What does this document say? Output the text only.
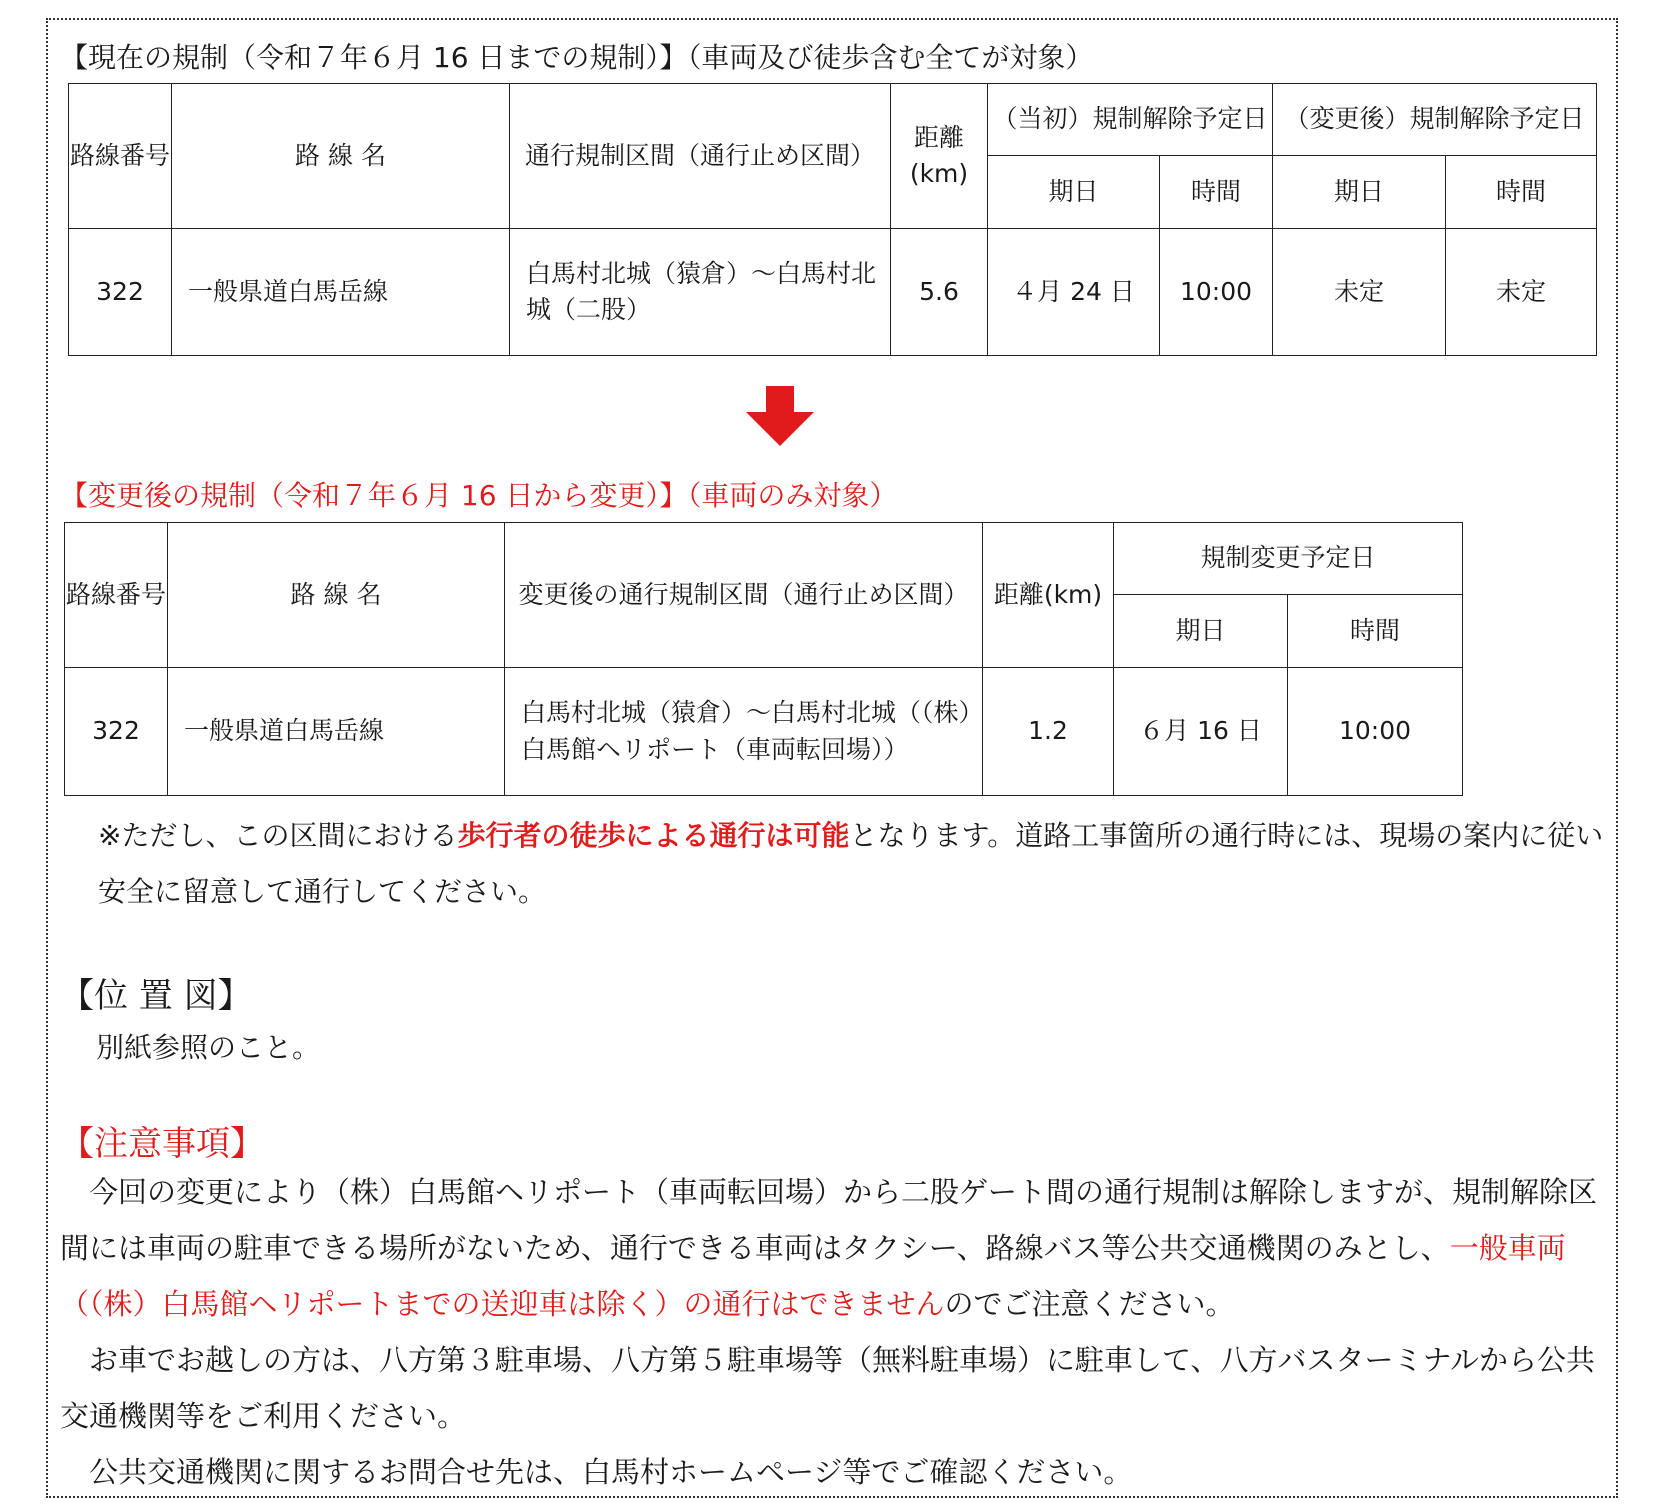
【現在の規制（令和７年６月 16 日までの規制）】（車両及び徒歩含む全てが対象）
路線番号	路 線 名	通行規制区間（通行止め区間）	距離(km)	（当初）規制解除予定日		（変更後）規制解除予定日	
				期日	時間	期日	時間
322	一般県道白馬岳線	白馬村北城（猿倉）～白馬村北城（二股）	5.6	４月 24 日	10:00	未定	未定
【変更後の規制（令和７年６月 16 日から変更）】（車両のみ対象）
路線番号	路 線 名	変更後の通行規制区間（通行止め区間）	距離(km)	規制変更予定日	
				期日	時間
322	一般県道白馬岳線	白馬村北城（猿倉）～白馬村北城（（株）白馬館ヘリポート（車両転回場））	1.2	６月 16 日	10:00
※ただし、この区間における歩行者の徒歩による通行は可能となります。道路工事箇所の通行時には、現場の案内に従い安全に留意して通行してください。
【位 置 図】
別紙参照のこと。
【注意事項】
　今回の変更により（株）白馬館ヘリポート（車両転回場）から二股ゲート間の通行規制は解除しますが、規制解除区間には車両の駐車できる場所がないため、通行できる車両はタクシー、路線バス等公共交通機関のみとし、一般車両（（株）白馬館ヘリポートまでの送迎車は除く）の通行はできませんのでご注意ください。
　お車でお越しの方は、八方第３駐車場、八方第５駐車場等（無料駐車場）に駐車して、八方バスターミナルから公共交通機関等をご利用ください。
　公共交通機関に関するお問合せ先は、白馬村ホームページ等でご確認ください。
